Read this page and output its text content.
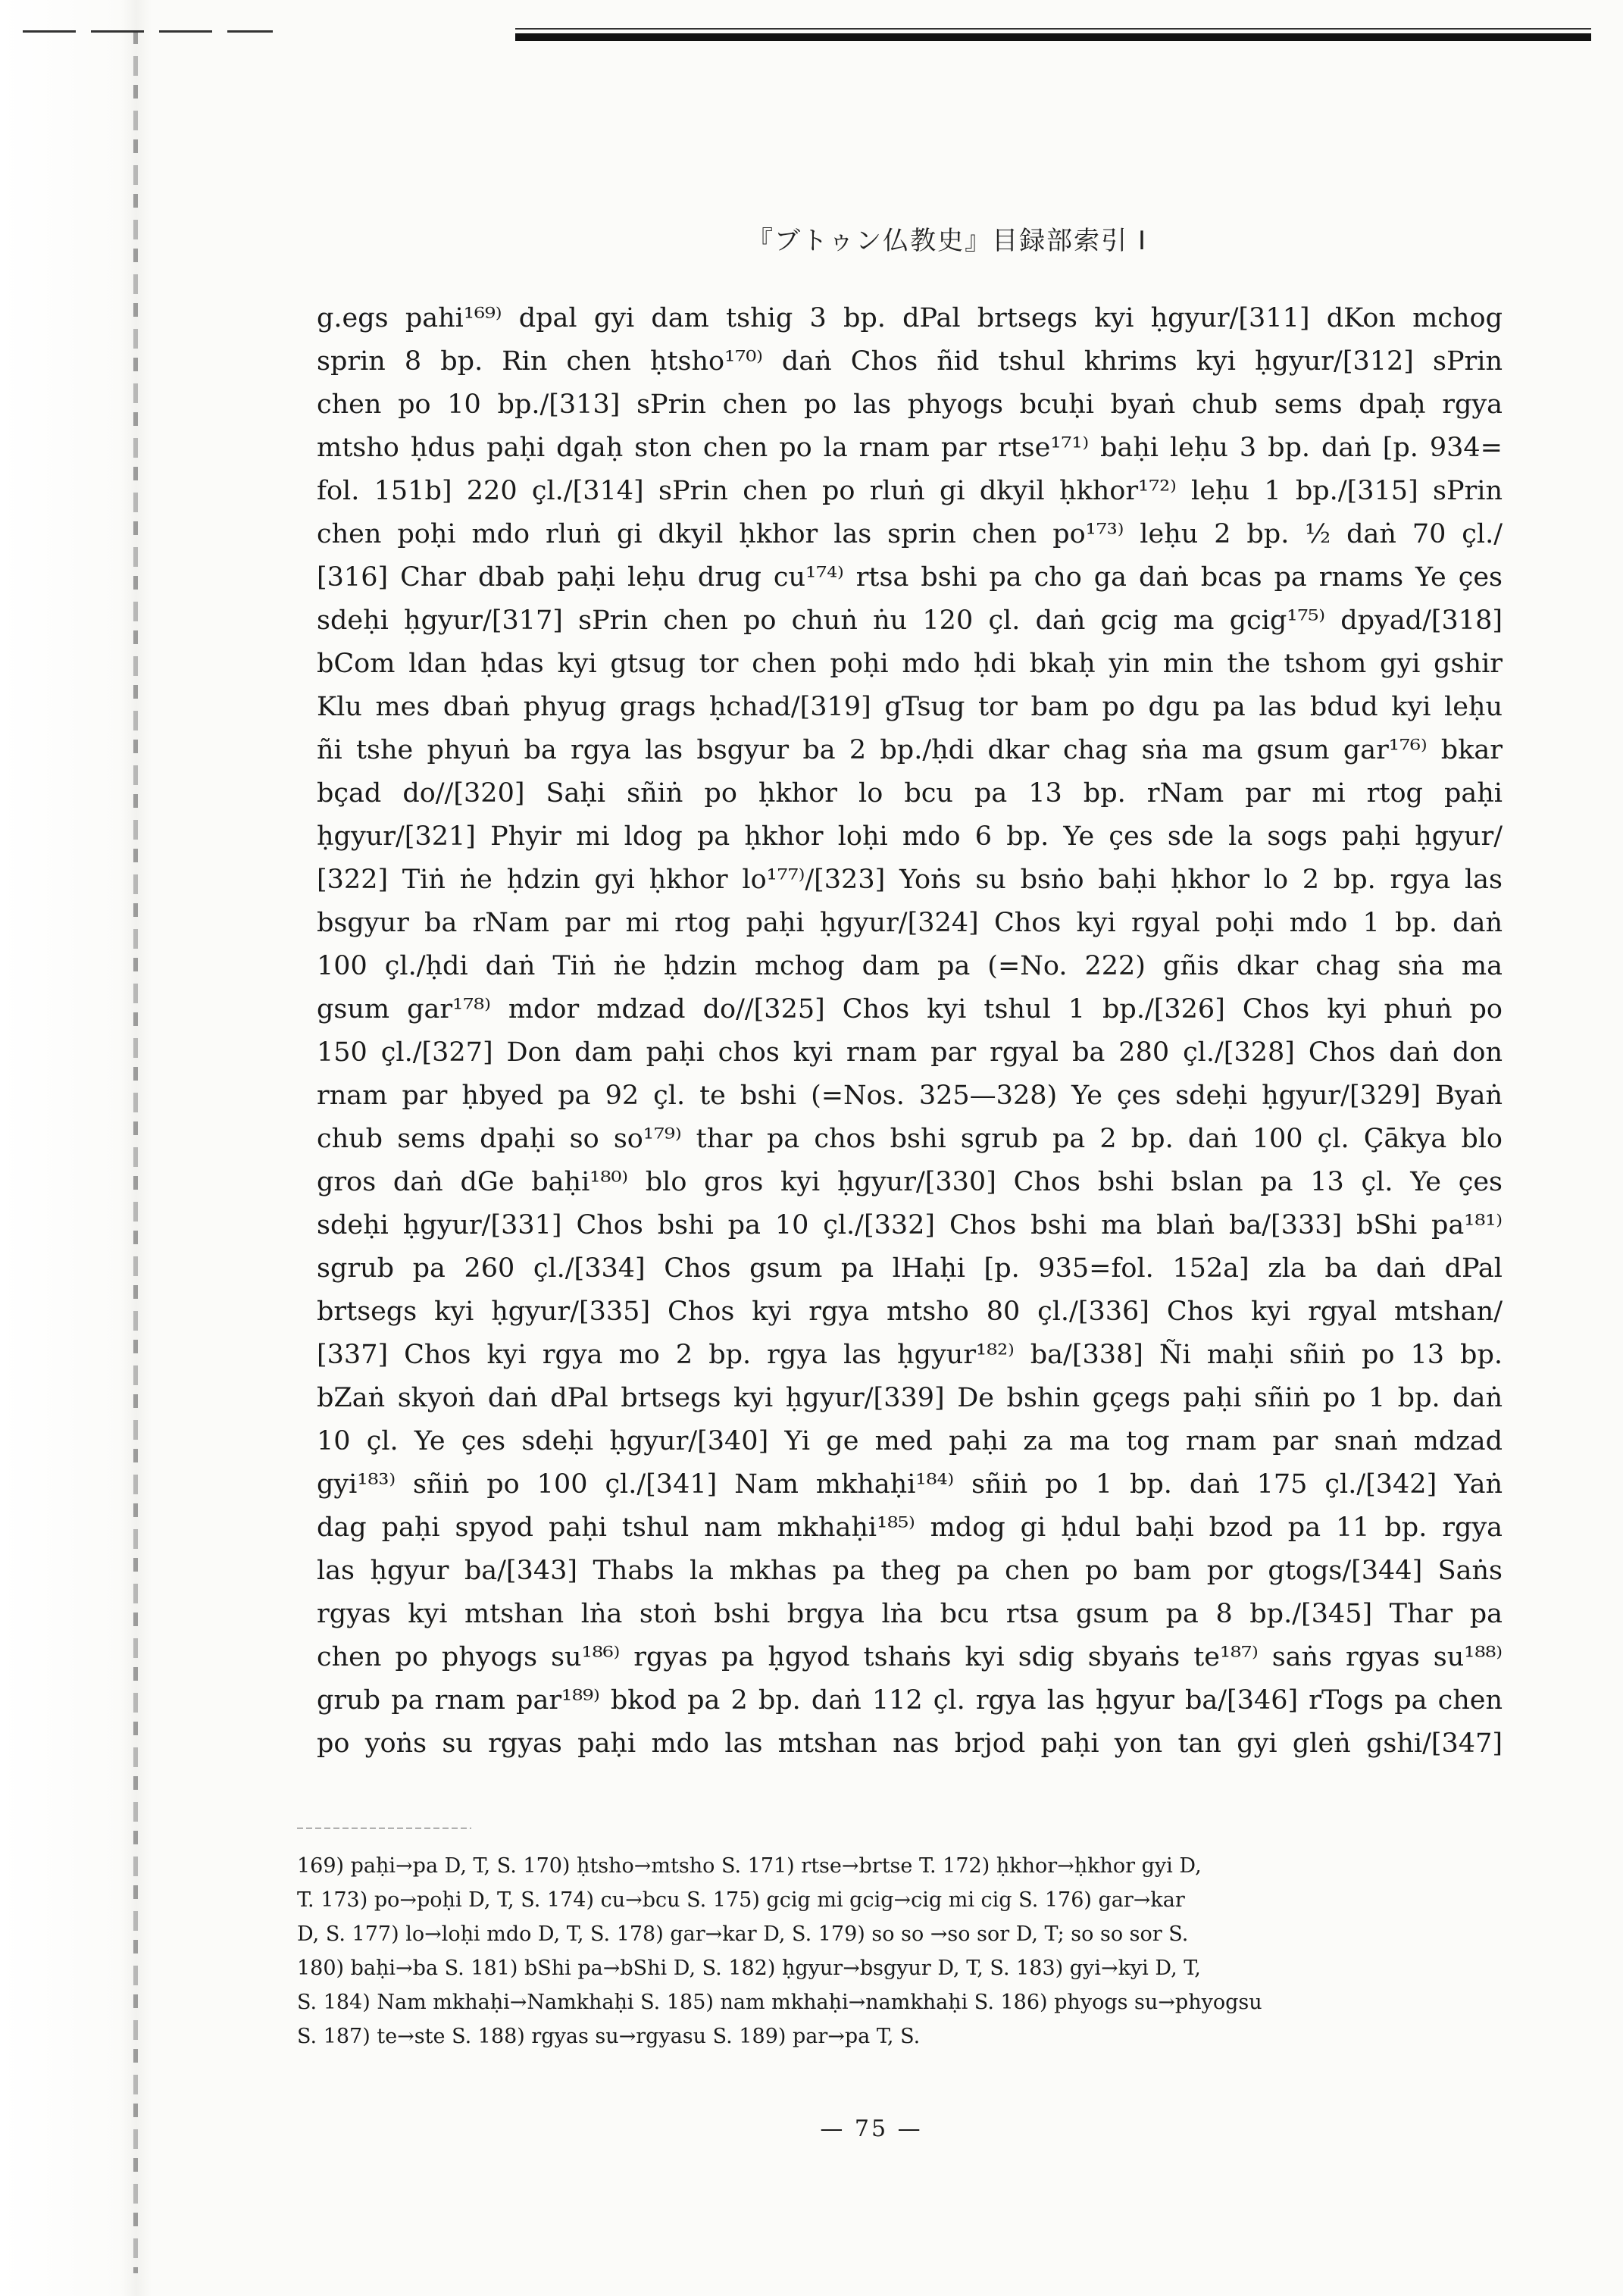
『ブトゥン仏教史』目録部索引 I
g.egs pahi¹⁶⁹⁾ dpal gyi dam tshig 3 bp. dPal brtsegs kyi ḥgyur/[311] dKon mchog
sprin 8 bp. Rin chen ḥtsho¹⁷⁰⁾ daṅ Chos ñid tshul khrims kyi ḥgyur/[312] sPrin
chen po 10 bp./[313] sPrin chen po las phyogs bcuḥi byaṅ chub sems dpaḥ rgya
mtsho ḥdus paḥi dgaḥ ston chen po la rnam par rtse¹⁷¹⁾ baḥi leḥu 3 bp. daṅ [p. 934=
fol. 151b] 220 çl./[314] sPrin chen po rluṅ gi dkyil ḥkhor¹⁷²⁾ leḥu 1 bp./[315] sPrin
chen poḥi mdo rluṅ gi dkyil ḥkhor las sprin chen po¹⁷³⁾ leḥu 2 bp. ½ daṅ 70 çl./
[316] Char dbab paḥi leḥu drug cu¹⁷⁴⁾ rtsa bshi pa cho ga daṅ bcas pa rnams Ye çes
sdeḥi ḥgyur/[317] sPrin chen po chuṅ ṅu 120 çl. daṅ gcig ma gcig¹⁷⁵⁾ dpyad/[318]
bCom ldan ḥdas kyi gtsug tor chen poḥi mdo ḥdi bkaḥ yin min the tshom gyi gshir
Klu mes dbaṅ phyug grags ḥchad/[319] gTsug tor bam po dgu pa las bdud kyi leḥu
ñi tshe phyuṅ ba rgya las bsgyur ba 2 bp./ḥdi dkar chag sṅa ma gsum gar¹⁷⁶⁾ bkar
bçad do//[320] Saḥi sñiṅ po ḥkhor lo bcu pa 13 bp. rNam par mi rtog paḥi
ḥgyur/[321] Phyir mi ldog pa ḥkhor loḥi mdo 6 bp. Ye çes sde la sogs paḥi ḥgyur/
[322] Tiṅ ṅe ḥdzin gyi ḥkhor lo¹⁷⁷⁾/[323] Yoṅs su bsṅo baḥi ḥkhor lo 2 bp. rgya las
bsgyur ba rNam par mi rtog paḥi ḥgyur/[324] Chos kyi rgyal poḥi mdo 1 bp. daṅ
100 çl./ḥdi daṅ Tiṅ ṅe ḥdzin mchog dam pa (=No. 222) gñis dkar chag sṅa ma
gsum gar¹⁷⁸⁾ mdor mdzad do//[325] Chos kyi tshul 1 bp./[326] Chos kyi phuṅ po
150 çl./[327] Don dam paḥi chos kyi rnam par rgyal ba 280 çl./[328] Chos daṅ don
rnam par ḥbyed pa 92 çl. te bshi (=Nos. 325—328) Ye çes sdeḥi ḥgyur/[329] Byaṅ
chub sems dpaḥi so so¹⁷⁹⁾ thar pa chos bshi sgrub pa 2 bp. daṅ 100 çl. Çākya blo
gros daṅ dGe baḥi¹⁸⁰⁾ blo gros kyi ḥgyur/[330] Chos bshi bslan pa 13 çl. Ye çes
sdeḥi ḥgyur/[331] Chos bshi pa 10 çl./[332] Chos bshi ma blaṅ ba/[333] bShi pa¹⁸¹⁾
sgrub pa 260 çl./[334] Chos gsum pa lHaḥi [p. 935=fol. 152a] zla ba daṅ dPal
brtsegs kyi ḥgyur/[335] Chos kyi rgya mtsho 80 çl./[336] Chos kyi rgyal mtshan/
[337] Chos kyi rgya mo 2 bp. rgya las ḥgyur¹⁸²⁾ ba/[338] Ñi maḥi sñiṅ po 13 bp.
bZaṅ skyoṅ daṅ dPal brtsegs kyi ḥgyur/[339] De bshin gçegs paḥi sñiṅ po 1 bp. daṅ
10 çl. Ye çes sdeḥi ḥgyur/[340] Yi ge med paḥi za ma tog rnam par snaṅ mdzad
gyi¹⁸³⁾ sñiṅ po 100 çl./[341] Nam mkhaḥi¹⁸⁴⁾ sñiṅ po 1 bp. daṅ 175 çl./[342] Yaṅ
dag paḥi spyod paḥi tshul nam mkhaḥi¹⁸⁵⁾ mdog gi ḥdul baḥi bzod pa 11 bp. rgya
las ḥgyur ba/[343] Thabs la mkhas pa theg pa chen po bam por gtogs/[344] Saṅs
rgyas kyi mtshan lṅa stoṅ bshi brgya lṅa bcu rtsa gsum pa 8 bp./[345] Thar pa
chen po phyogs su¹⁸⁶⁾ rgyas pa ḥgyod tshaṅs kyi sdig sbyaṅs te¹⁸⁷⁾ saṅs rgyas su¹⁸⁸⁾
grub pa rnam par¹⁸⁹⁾ bkod pa 2 bp. daṅ 112 çl. rgya las ḥgyur ba/[346] rTogs pa chen
po yoṅs su rgyas paḥi mdo las mtshan nas brjod paḥi yon tan gyi gleṅ gshi/[347]
169) paḥi→pa D, T, S. 170) ḥtsho→mtsho S. 171) rtse→brtse T. 172) ḥkhor→ḥkhor gyi D,
T. 173) po→poḥi D, T, S. 174) cu→bcu S. 175) gcig mi gcig→cig mi cig S. 176) gar→kar
D, S. 177) lo→loḥi mdo D, T, S. 178) gar→kar D, S. 179) so so →so sor D, T; so so sor S.
180) baḥi→ba S. 181) bShi pa→bShi D, S. 182) ḥgyur→bsgyur D, T, S. 183) gyi→kyi D, T,
S. 184) Nam mkhaḥi→Namkhaḥi S. 185) nam mkhaḥi→namkhaḥi S. 186) phyogs su→phyogsu
S. 187) te→ste S. 188) rgyas su→rgyasu S. 189) par→pa T, S.
— 75 —
